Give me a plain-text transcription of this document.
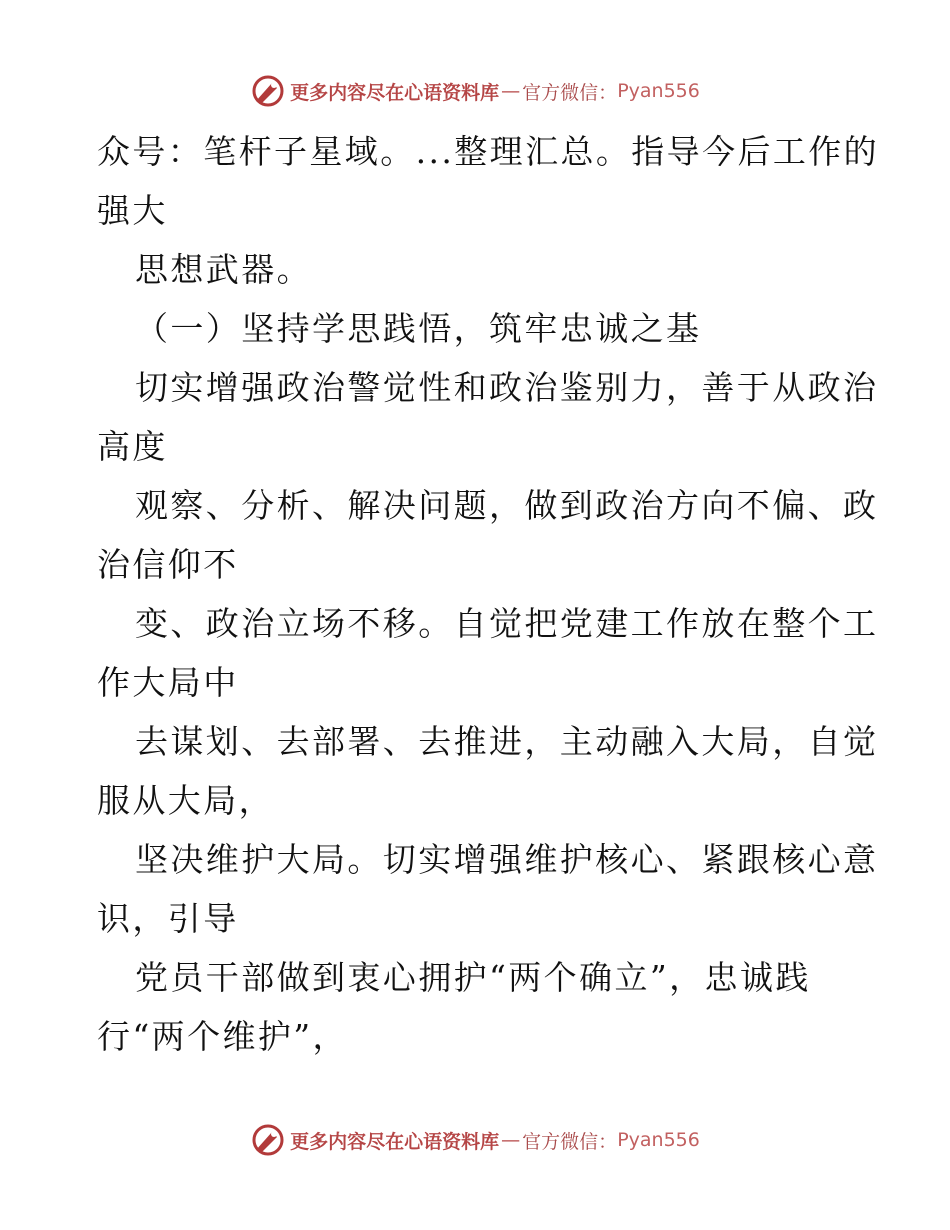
更多内容尽在心语资料库 — 官方微信： Pyan556
众号：笔杆子星域。...整理汇总。指导今后工作的
强大
思想武器。
（一）坚持学思践悟，筑牢忠诚之基
切实增强政治警觉性和政治鉴别力，善于从政治
高度
观察、分析、解决问题，做到政治方向不偏、政
治信仰不
变、政治立场不移。自觉把党建工作放在整个工
作大局中
去谋划、去部署、去推进，主动融入大局，自觉
服从大局，
坚决维护大局。切实增强维护核心、紧跟核心意
识，引导
党员干部做到衷心拥护“两个确立”，忠诚践
行“两个维护”，
更多内容尽在心语资料库 — 官方微信： Pyan556
